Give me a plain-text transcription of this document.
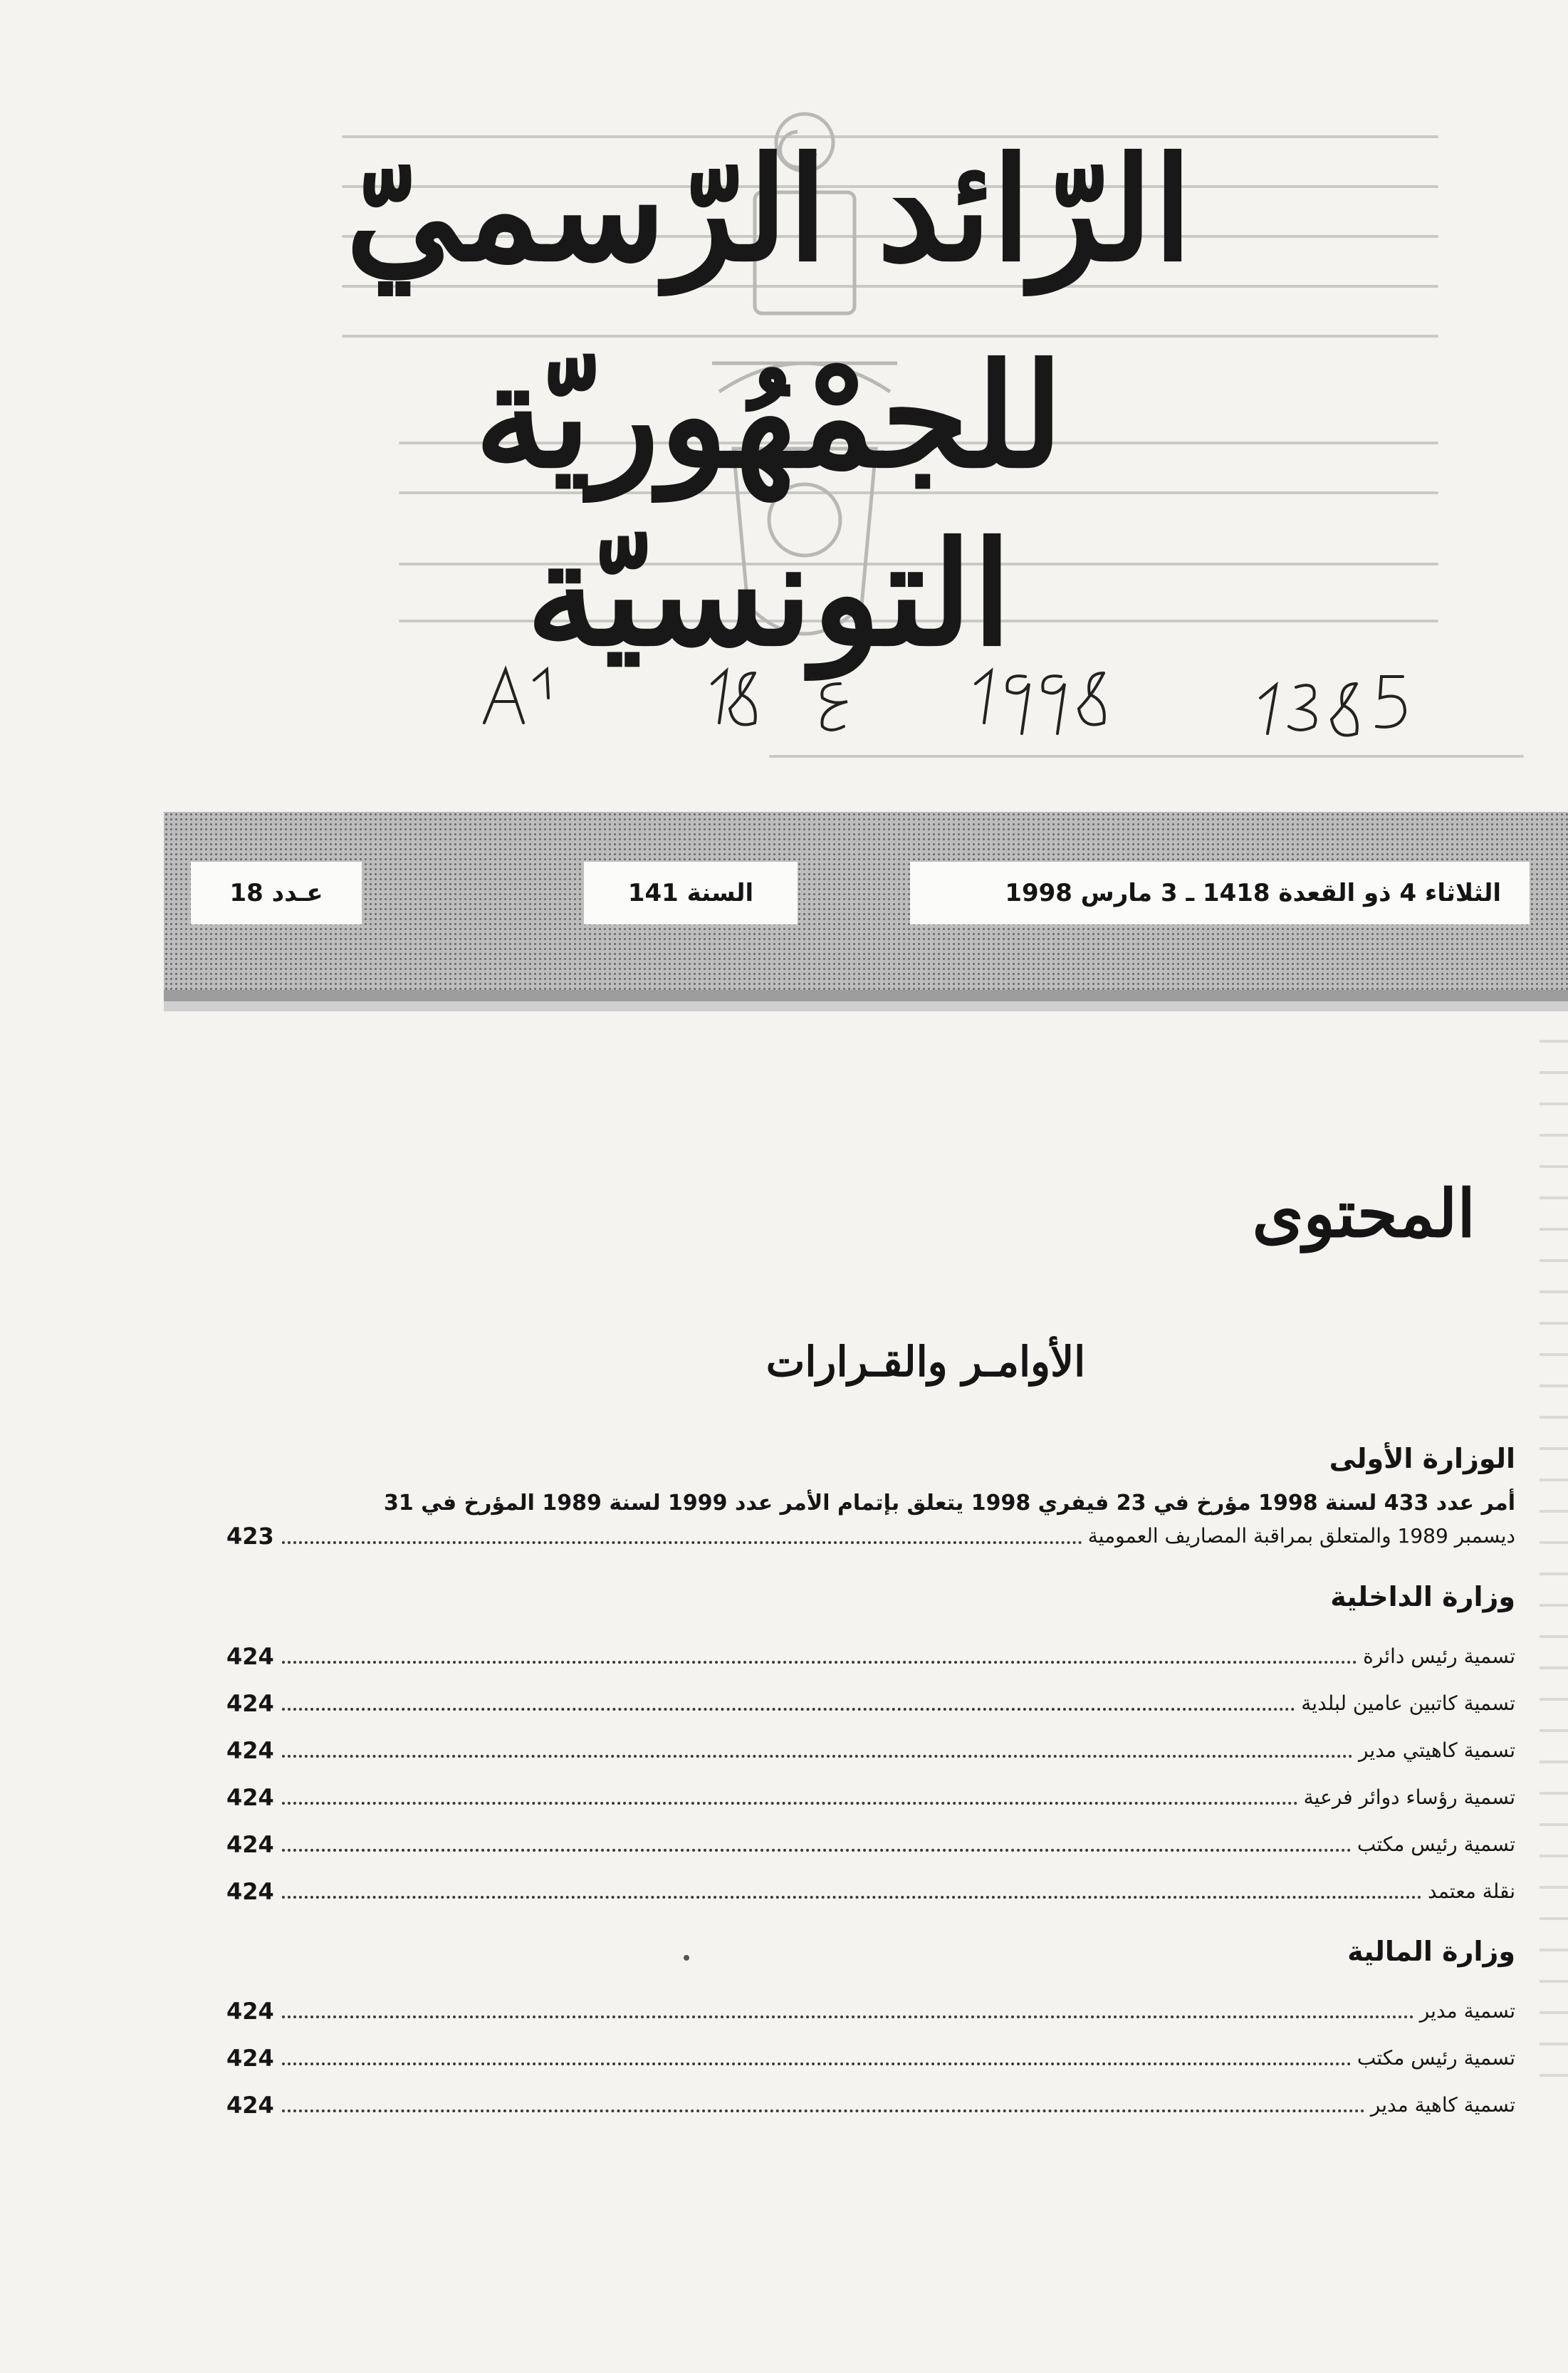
الرّائد الرّسميّ
للجمْهُوريّة التونسيّة
عـدد 18	السنة 141	الثلاثاء 4 ذو القعدة 1418 ـ 3 مارس 1998
المحتوى
الأوامـر والقـرارات
الوزارة الأولى
أمر عدد 433 لسنة 1998 مؤرخ في 23 فيفري 1998 يتعلق بإتمام الأمر عدد 1999 لسنة 1989 المؤرخ في 31
ديسمبر 1989 والمتعلق بمراقبة المصاريف العمومية
423
وزارة الداخلية
تسمية رئيس دائرة
424
تسمية كاتبين عامين لبلدية
424
تسمية كاهيتي مدير
424
تسمية رؤساء دوائر فرعية
424
تسمية رئيس مكتب
424
نقلة معتمد
424
وزارة المالية
تسمية مدير
424
تسمية رئيس مكتب
424
تسمية كاهية مدير
424
